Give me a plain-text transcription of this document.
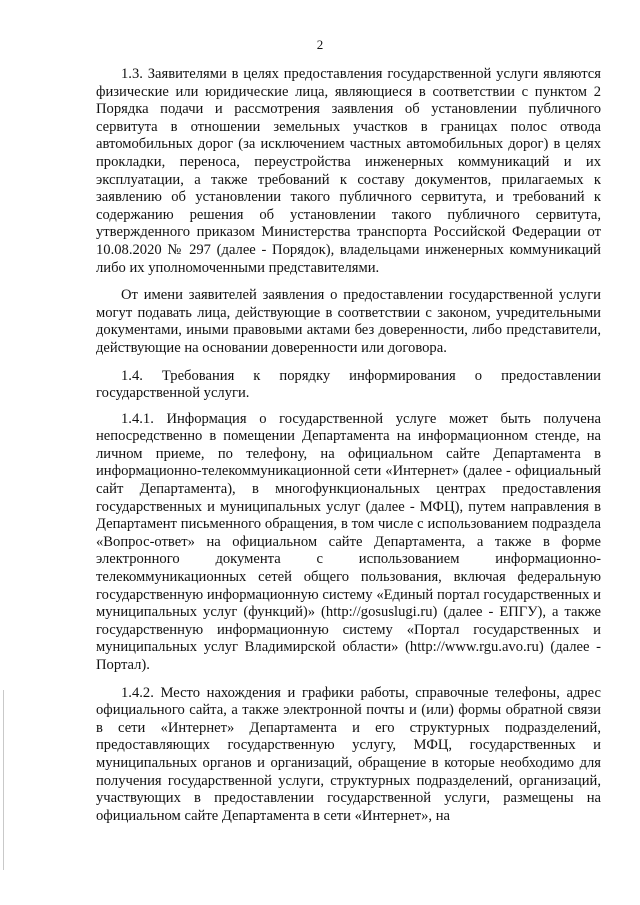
2

1.3. Заявителями в целях предоставления государственной услуги являются физические или юридические лица, являющиеся в соответствии с пунктом 2 Порядка подачи и рассмотрения заявления об установлении публичного сервитута в отношении земельных участков в границах полос отвода автомобильных дорог (за исключением частных автомобильных дорог) в целях прокладки, переноса, переустройства инженерных коммуникаций и их эксплуатации, а также требований к составу документов, прилагаемых к заявлению об установлении такого публичного сервитута, и требований к содержанию решения об установлении такого публичного сервитута, утвержденного приказом Министерства транспорта Российской Федерации от 10.08.2020 № 297 (далее - Порядок), владельцами инженерных коммуникаций либо их уполномоченными представителями.

От имени заявителей заявления о предоставлении государственной услуги могут подавать лица, действующие в соответствии с законом, учредительными документами, иными правовыми актами без доверенности, либо представители, действующие на основании доверенности или договора.

1.4. Требования к порядку информирования о предоставлении государственной услуги.

1.4.1. Информация о государственной услуге может быть получена непосредственно в помещении Департамента на информационном стенде, на личном приеме, по телефону, на официальном сайте Департамента в информационно-телекоммуникационной сети «Интернет» (далее - официальный сайт Департамента), в многофункциональных центрах предоставления государственных и муниципальных услуг (далее - МФЦ), путем направления в Департамент письменного обращения, в том числе с использованием подраздела «Вопрос-ответ» на официальном сайте Департамента, а также в форме электронного документа с использованием информационно-телекоммуникационных сетей общего пользования, включая федеральную государственную информационную систему «Единый портал государственных и муниципальных услуг (функций)» (http://gosuslugi.ru) (далее - ЕПГУ), а также государственную информационную систему «Портал государственных и муниципальных услуг Владимирской области» (http://www.rgu.avo.ru) (далее - Портал).

1.4.2. Место нахождения и графики работы, справочные телефоны, адрес официального сайта, а также электронной почты и (или) формы обратной связи в сети «Интернет» Департамента и его структурных подразделений, предоставляющих государственную услугу, МФЦ, государственных и муниципальных органов и организаций, обращение в которые необходимо для получения государственной услуги, структурных подразделений, организаций, участвующих в предоставлении государственной услуги, размещены на официальном сайте Департамента в сети «Интернет», на
